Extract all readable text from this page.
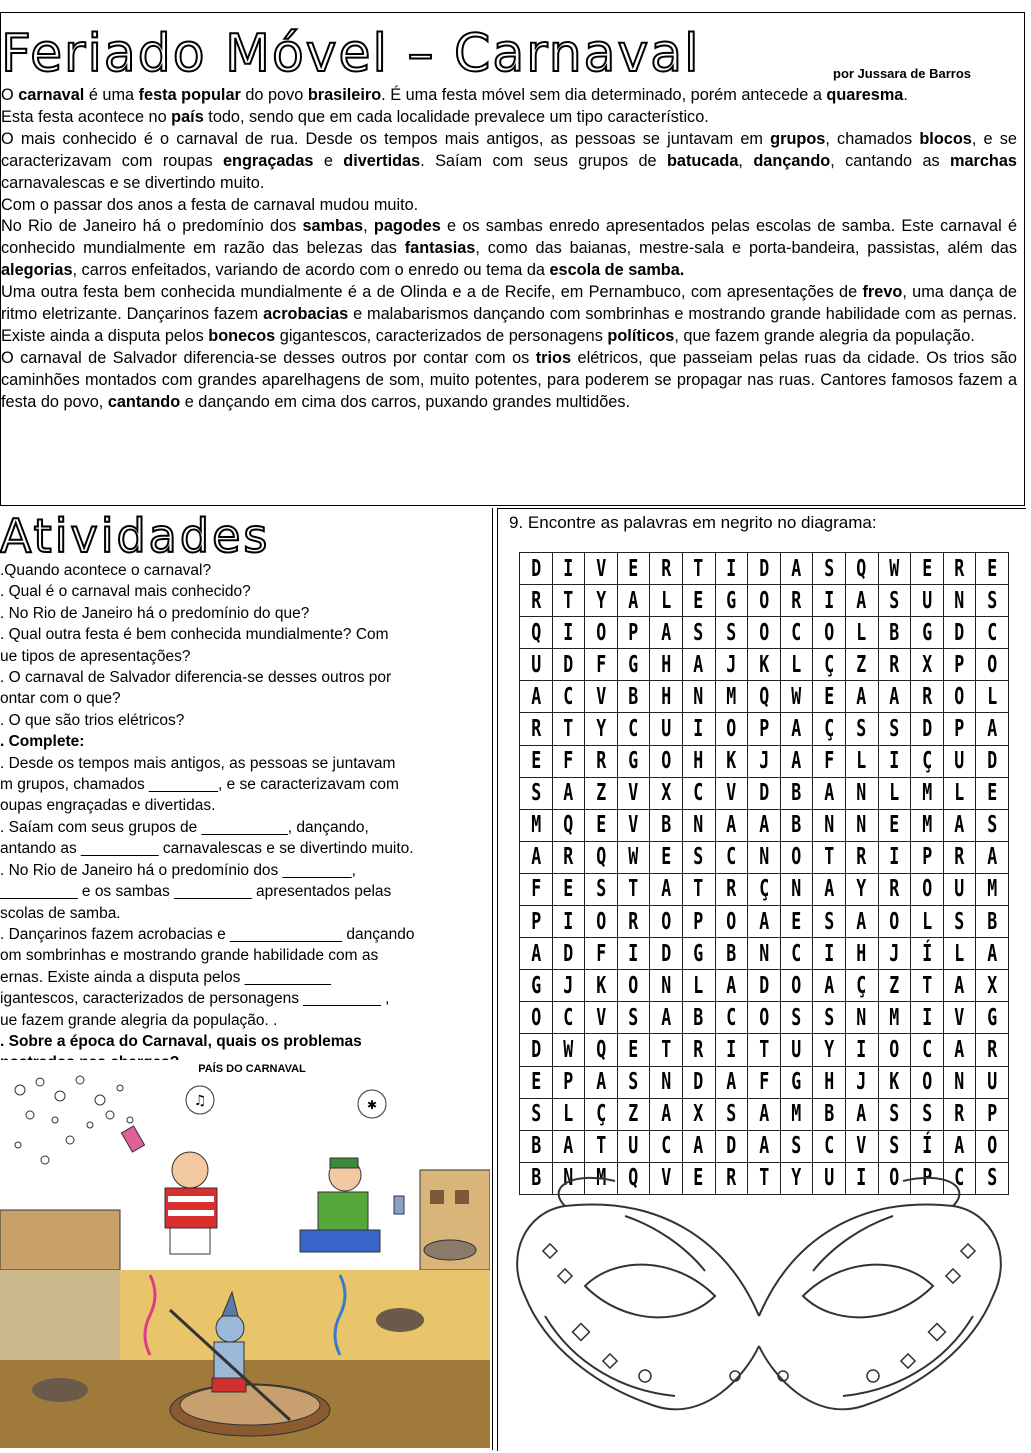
Feriado Móvel – Carnaval	por Jussara de Barros

O carnaval é uma festa popular do povo brasileiro. É uma festa móvel sem dia determinado, porém antecede a quaresma.

Esta festa acontece no país todo, sendo que em cada localidade prevalece um tipo característico.

O mais conhecido é o carnaval de rua. Desde os tempos mais antigos, as pessoas se juntavam em grupos, chamados blocos, e se caracterizavam com roupas engraçadas e divertidas. Saíam com seus grupos de batucada, dançando, cantando as marchas carnavalescas e se divertindo muito.

Com o passar dos anos a festa de carnaval mudou muito.

No Rio de Janeiro há o predomínio dos sambas, pagodes e os sambas enredo apresentados pelas escolas de samba. Este carnaval é conhecido mundialmente em razão das belezas das fantasias, como das baianas, mestre-sala e porta-bandeira, passistas, além das alegorias, carros enfeitados, variando de acordo com o enredo ou tema da escola de samba.

Uma outra festa bem conhecida mundialmente é a de Olinda e a de Recife, em Pernambuco, com apresentações de frevo, uma dança de ritmo eletrizante. Dançarinos fazem acrobacias e malabarismos dançando com sombrinhas e mostrando grande habilidade com as pernas. Existe ainda a disputa pelos bonecos gigantescos, caracterizados de personagens políticos, que fazem grande alegria da população.

O carnaval de Salvador diferencia-se desses outros por contar com os trios elétricos, que passeiam pelas ruas da cidade. Os trios são caminhões montados com grandes aparelhagens de som, muito potentes, para poderem se propagar nas ruas. Cantores famosos fazem a festa do povo, cantando e dançando em cima dos carros, puxando grandes multidões.

Atividades
.Quando acontece o carnaval?
. Qual é o carnaval mais conhecido?
. No Rio de Janeiro há o predomínio do que?
. Qual outra festa é bem conhecida mundialmente? Com
ue tipos de apresentações?
. O carnaval de Salvador diferencia-se desses outros por
ontar com o que?
. O que são trios elétricos?
. Complete:
. Desde os tempos mais antigos, as pessoas se juntavam
m grupos, chamados ________, e se caracterizavam com
oupas engraçadas e divertidas.
. Saíam com seus grupos de __________, dançando,
antando as _________ carnavalescas e se divertindo muito.
. No Rio de Janeiro há o predomínio dos ________,
_________ e os sambas _________ apresentados pelas
scolas de samba.
. Dançarinos fazem acrobacias e _____________ dançando
om sombrinhas e mostrando grande habilidade com as
ernas. Existe ainda a disputa pelos __________
igantescos, caracterizados de personagens _________ ,
ue fazem grande alegria da população. .
. Sobre a época do Carnaval, quais os problemas
PAÍS DO CARNAVAL
♫	✱
9. Encontre as palavras em negrito no diagrama:
D	I	V	E	R	T	I	D	A	S	Q	W	E	R	E
R	T	Y	A	L	E	G	O	R	I	A	S	U	N	S
Q	I	O	P	A	S	S	O	C	O	L	B	G	D	C
U	D	F	G	H	A	J	K	L	Ç	Z	R	X	P	O
A	C	V	B	H	N	M	Q	W	E	A	A	R	O	L
R	T	Y	C	U	I	O	P	A	Ç	S	S	D	P	A
E	F	R	G	O	H	K	J	A	F	L	I	Ç	U	D
S	A	Z	V	X	C	V	D	B	A	N	L	M	L	E
M	Q	E	V	B	N	A	A	B	N	N	E	M	A	S
A	R	Q	W	E	S	C	N	O	T	R	I	P	R	A
F	E	S	T	A	T	R	Ç	N	A	Y	R	O	U	M
P	I	O	R	O	P	O	A	E	S	A	O	L	S	B
A	D	F	I	D	G	B	N	C	I	H	J	Í	L	A
G	J	K	O	N	L	A	D	O	A	Ç	Z	T	A	X
O	C	V	S	A	B	C	O	S	S	N	M	I	V	G
D	W	Q	E	T	R	I	T	U	Y	I	O	C	A	R
E	P	A	S	N	D	A	F	G	H	J	K	O	N	U
S	L	Ç	Z	A	X	S	A	M	B	A	S	S	R	P
B	A	T	U	C	A	D	A	S	C	V	S	Í	A	O
B	N	M	Q	V	E	R	T	Y	U	I	O	P	C	S
